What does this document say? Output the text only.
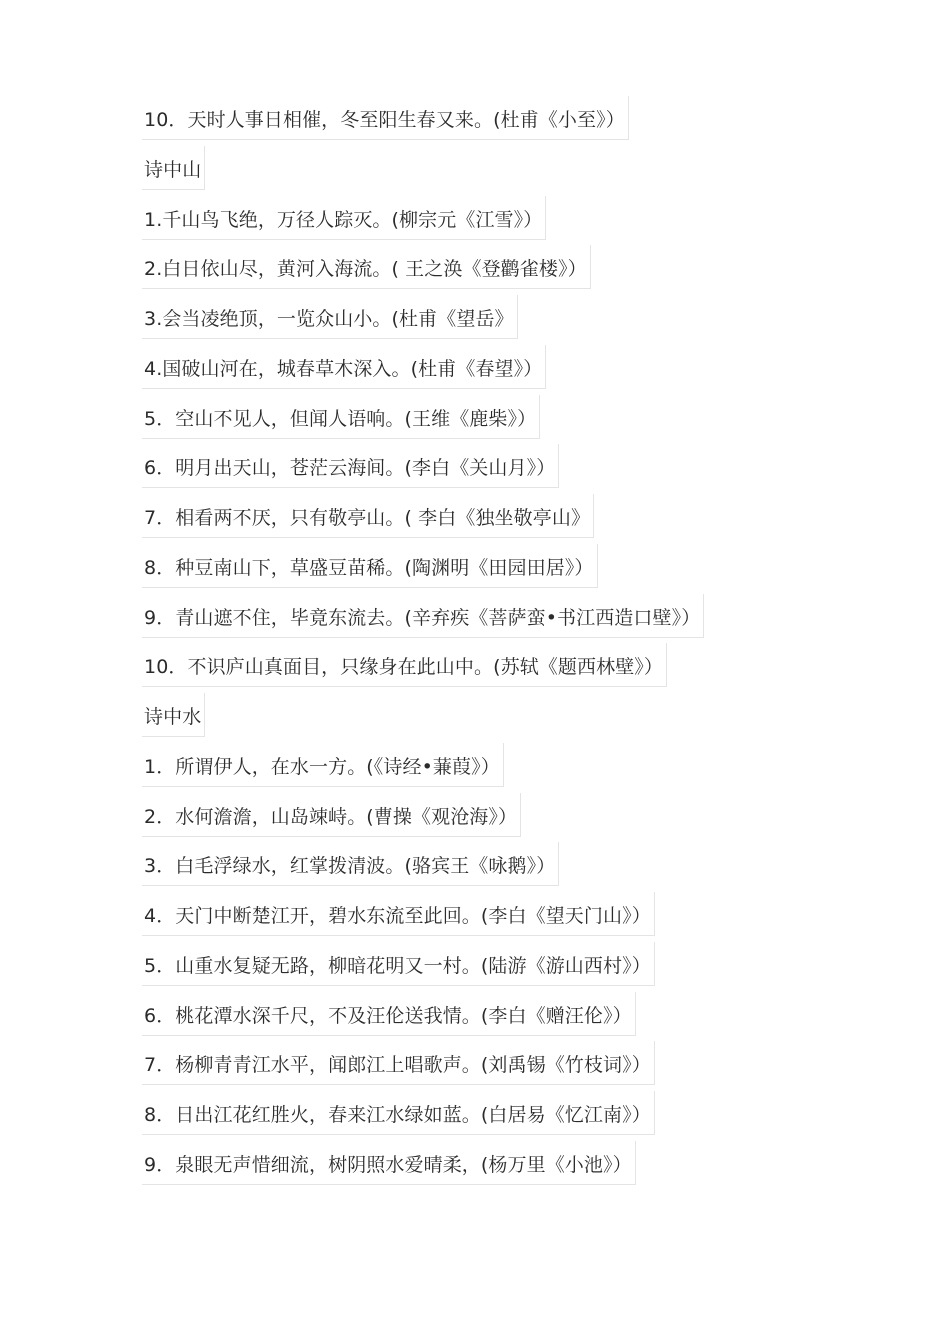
10．天时人事日相催，冬至阳生春又来。(杜甫《小至》）
诗中山
1.千山鸟飞绝，万径人踪灭。(柳宗元《江雪》）
2.白日依山尽，黄河入海流。( 王之涣《登鹳雀楼》）
3.会当凌绝顶，一览众山小。(杜甫《望岳》
4.国破山河在，城春草木深入。(杜甫《春望》）
5．空山不见人，但闻人语响。(王维《鹿柴》）
6．明月出天山，苍茫云海间。(李白《关山月》）
7．相看两不厌，只有敬亭山。( 李白《独坐敬亭山》
8．种豆南山下，草盛豆苗稀。(陶渊明《田园田居》）
9．青山遮不住，毕竟东流去。(辛弃疾《菩萨蛮•书江西造口壁》）
10．不识庐山真面目，只缘身在此山中。(苏轼《题西林壁》）
诗中水
1．所谓伊人，在水一方。(《诗经•蒹葭》）
2．水何澹澹，山岛竦峙。(曹操《观沧海》）
3．白毛浮绿水，红掌拨清波。(骆宾王《咏鹅》）
4．天门中断楚江开，碧水东流至此回。(李白《望天门山》）
5．山重水复疑无路，柳暗花明又一村。(陆游《游山西村》）
6．桃花潭水深千尺，不及汪伦送我情。(李白《赠汪伦》）
7．杨柳青青江水平，闻郎江上唱歌声。(刘禹锡《竹枝词》）
8．日出江花红胜火，春来江水绿如蓝。(白居易《忆江南》）
9．泉眼无声惜细流，树阴照水爱晴柔，(杨万里《小池》）
